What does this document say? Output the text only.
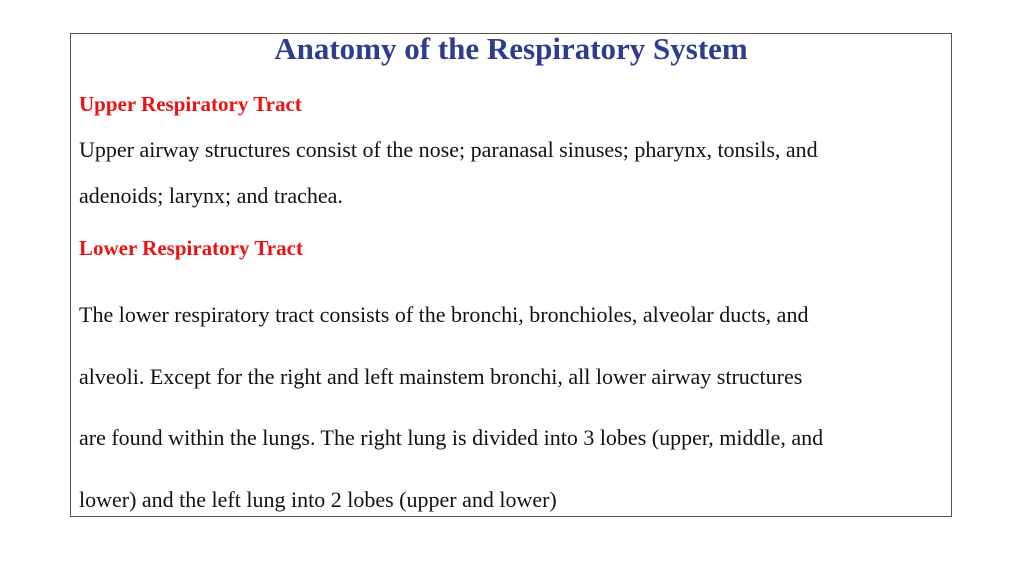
Anatomy of the Respiratory System
Upper Respiratory Tract
Upper airway structures consist of the nose; paranasal sinuses; pharynx, tonsils, and
adenoids; larynx; and trachea.
Lower Respiratory Tract
The lower respiratory tract consists of the bronchi, bronchioles, alveolar ducts, and
alveoli. Except for the right and left mainstem bronchi, all lower airway structures
are found within the lungs. The right lung is divided into 3 lobes (upper, middle, and
lower) and the left lung into 2 lobes (upper and lower)
